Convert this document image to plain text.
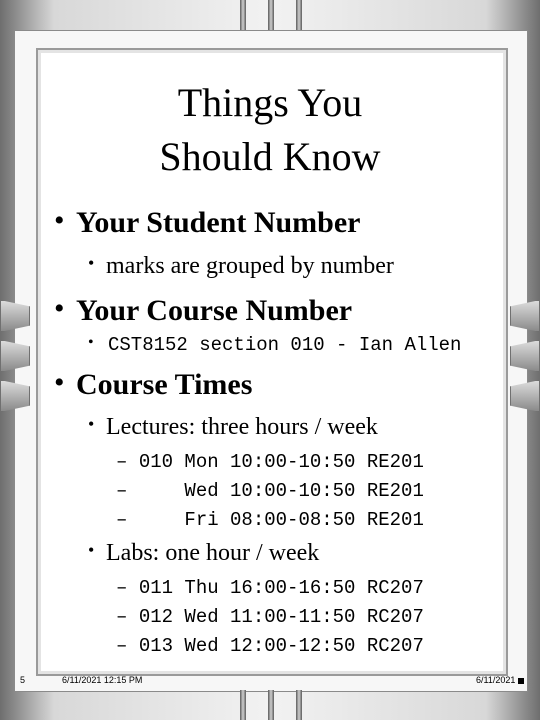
Things You
Should Know
• Your Student Number
• marks are grouped by number
• Your Course Number
• CST8152 section 010 - Ian Allen
• Course Times
• Lectures: three hours / week
– 010 Mon 10:00-10:50 RE201
–     Wed 10:00-10:50 RE201
–     Fri 08:00-08:50 RE201
• Labs: one hour / week
– 011 Thu 16:00-16:50 RC207
– 012 Wed 11:00-11:50 RC207
– 013 Wed 12:00-12:50 RC207
5	6/11/2021 12:15 PM	6/11/2021
